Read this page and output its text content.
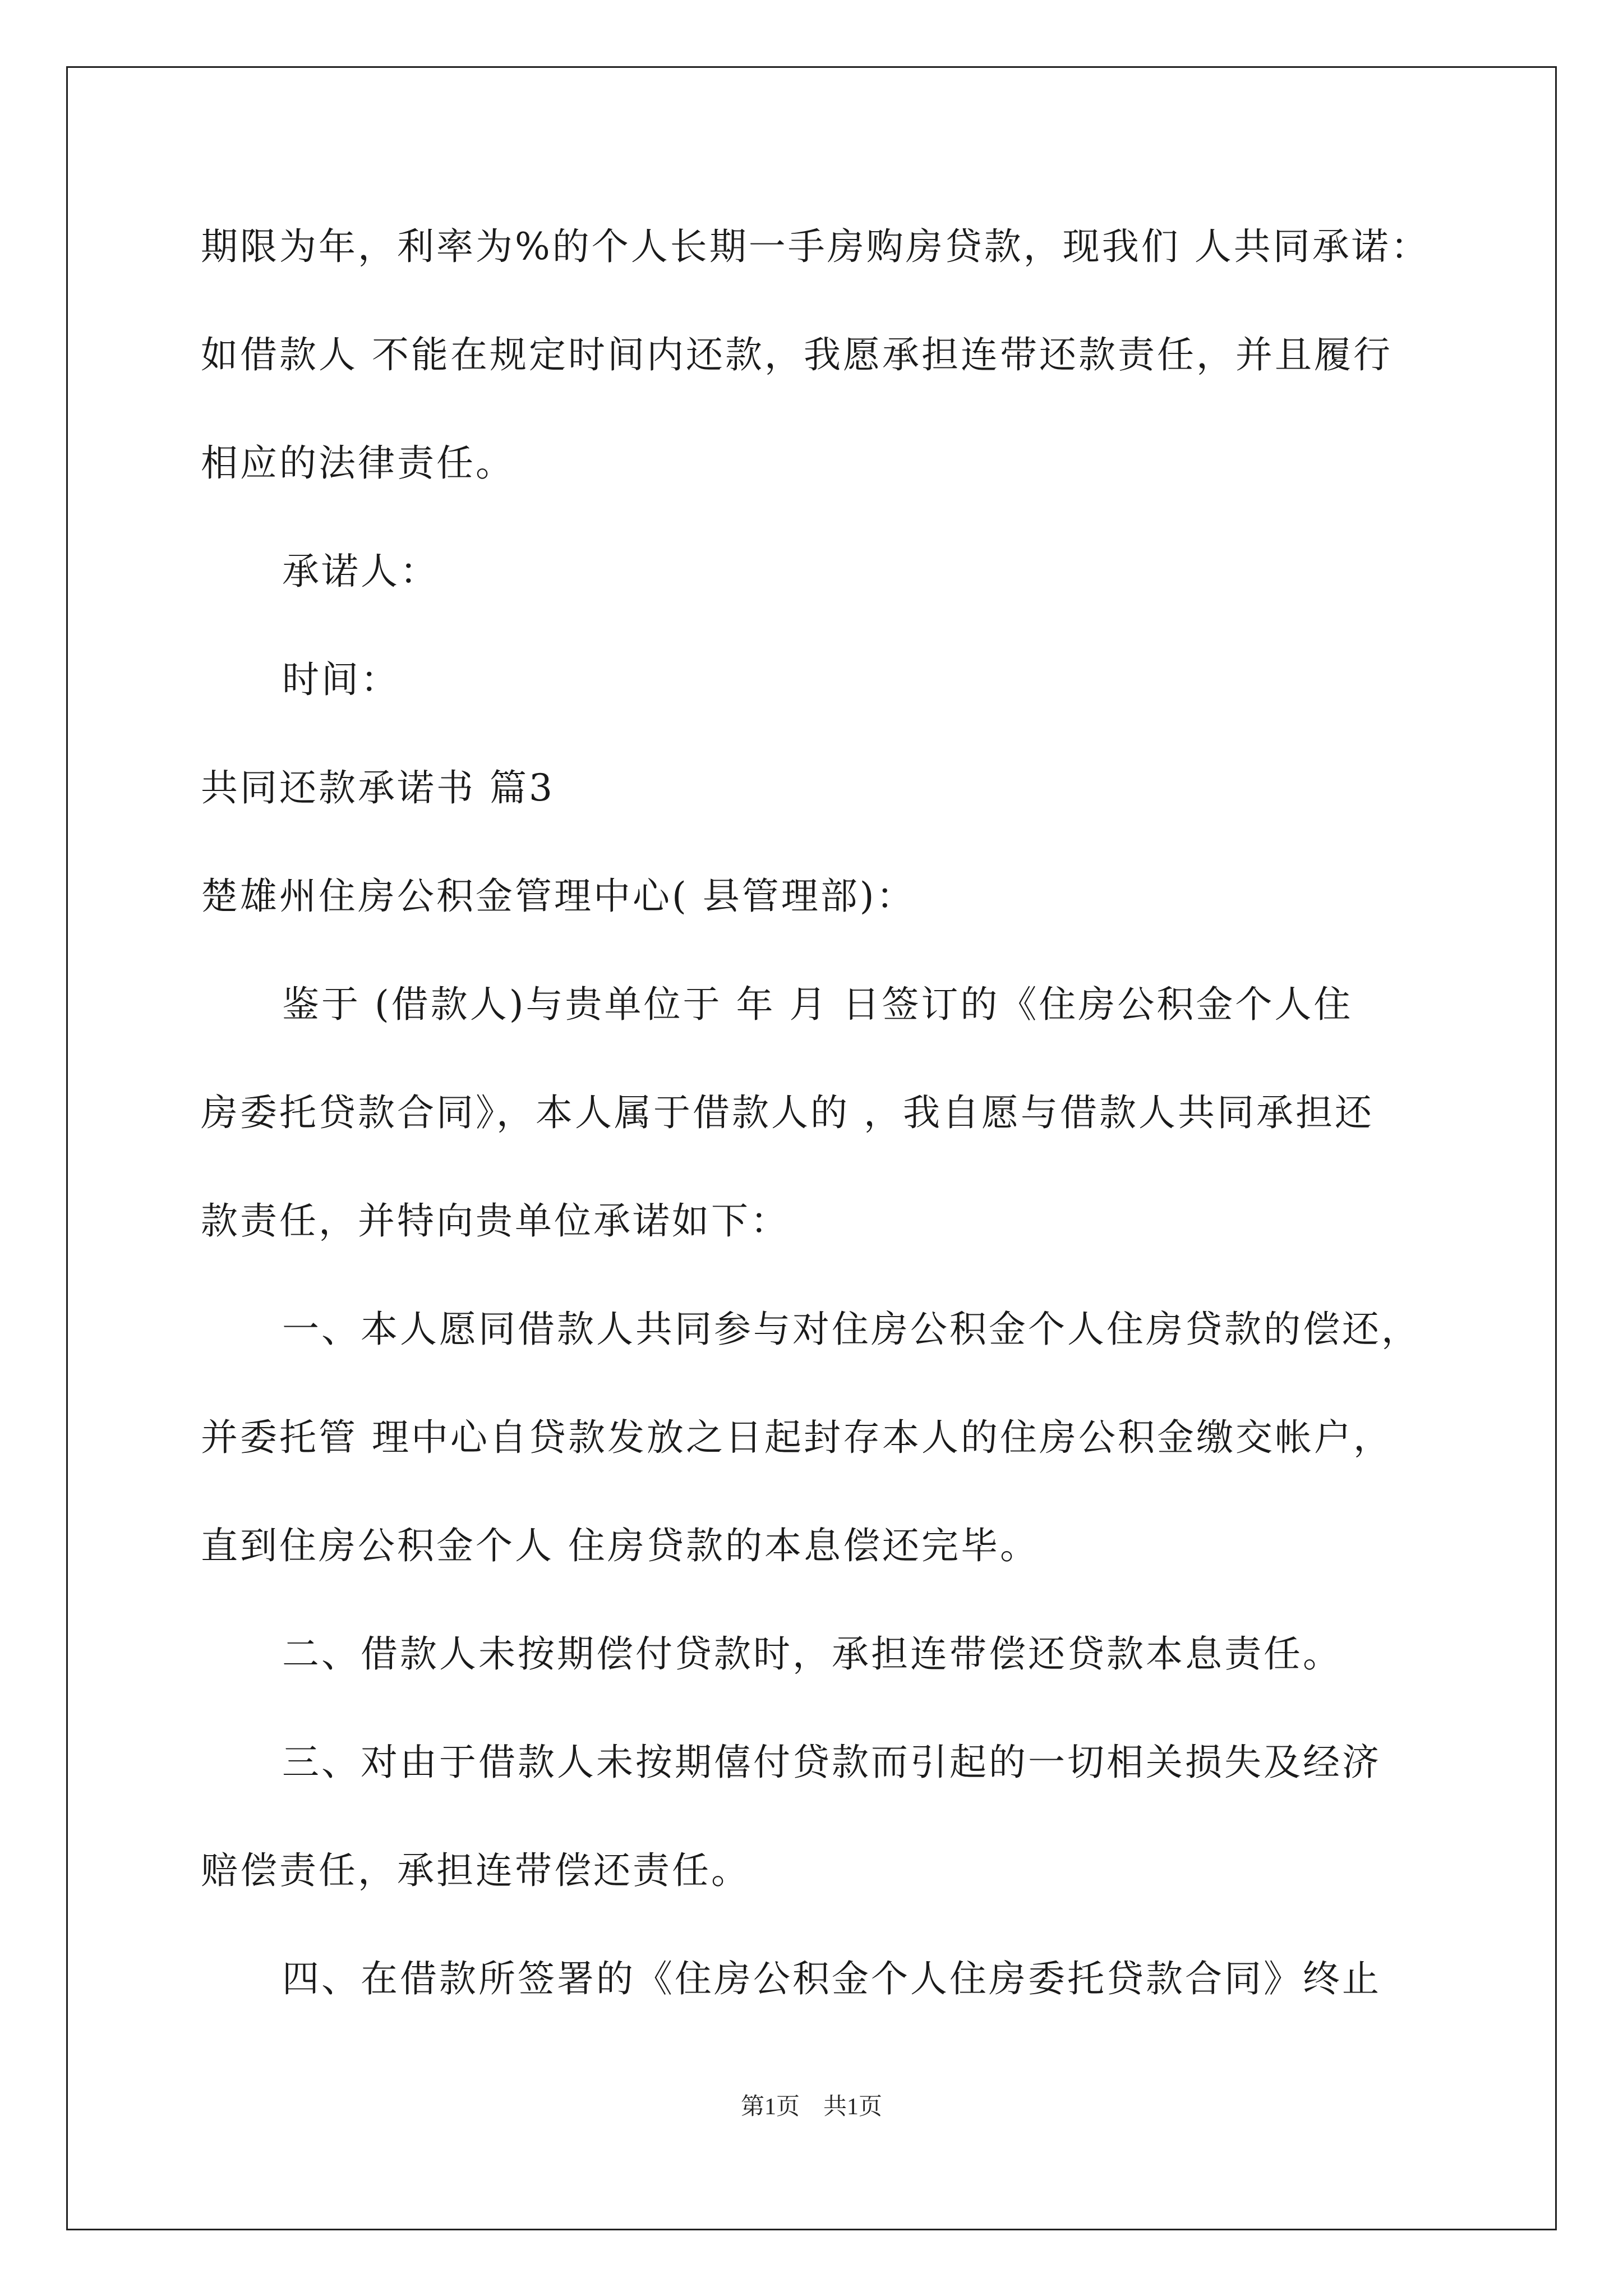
期限为年，利率为%的个人长期一手房购房贷款，现我们 人共同承诺：
如借款人 不能在规定时间内还款，我愿承担连带还款责任，并且履行
相应的法律责任。
承诺人：
时间：
共同还款承诺书 篇3
楚雄州住房公积金管理中心( 县管理部)：
鉴于 (借款人)与贵单位于 年 月 日签订的《住房公积金个人住
房委托贷款合同》，本人属于借款人的 ，我自愿与借款人共同承担还
款责任，并特向贵单位承诺如下：
一、本人愿同借款人共同参与对住房公积金个人住房贷款的偿还，
并委托管 理中心自贷款发放之日起封存本人的住房公积金缴交帐户，
直到住房公积金个人 住房贷款的本息偿还完毕。
二、借款人未按期偿付贷款时，承担连带偿还贷款本息责任。
三、对由于借款人未按期僖付贷款而引起的一切相关损失及经济
赔偿责任，承担连带偿还责任。
四、在借款所签署的《住房公积金个人住房委托贷款合同》终止
第1页　共1页
